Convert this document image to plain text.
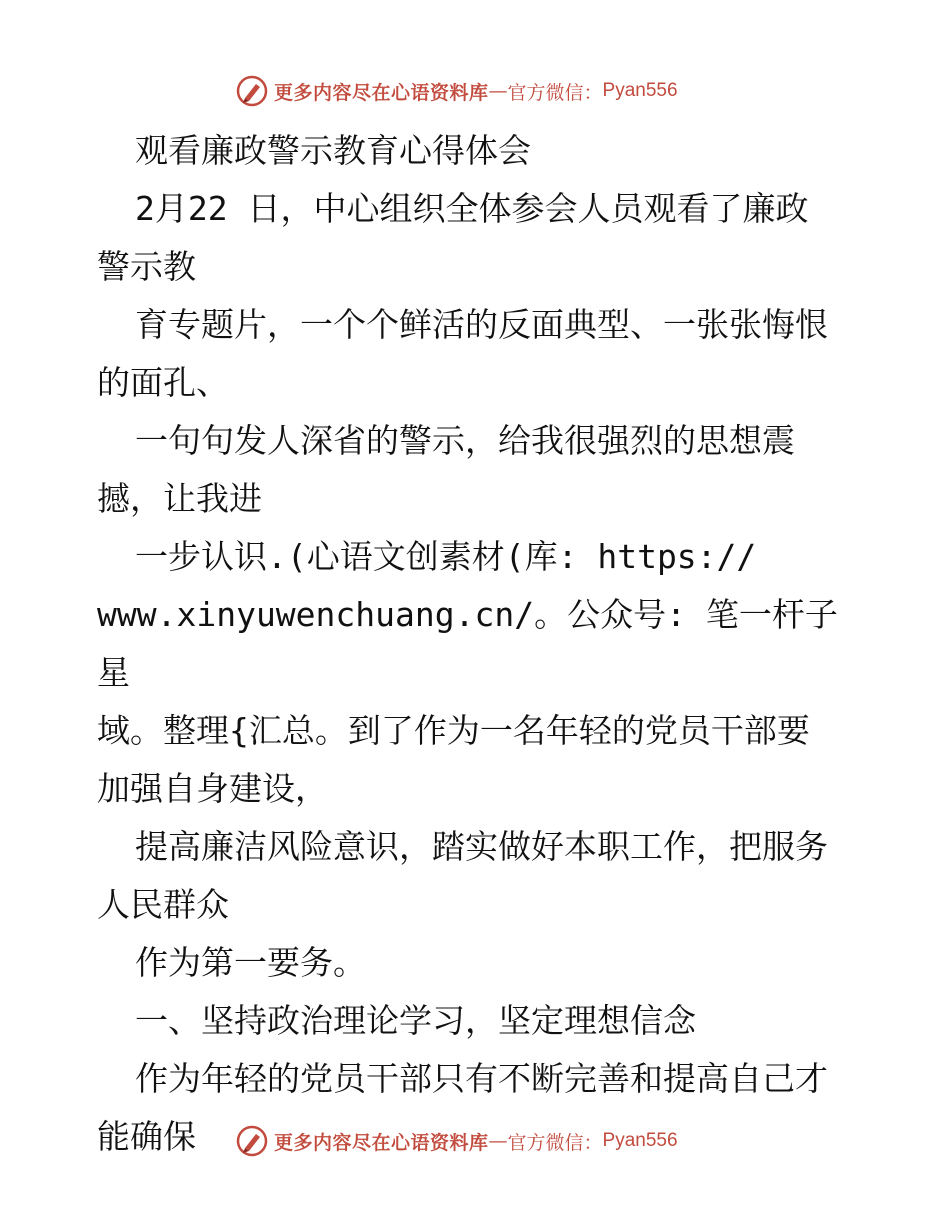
更多内容尽在心语资料库 — 官方微信： Pyan556

观看廉政警示教育心得体会

2月22 日，中心组织全体参会人员观看了廉政

警示教

育专题片，一个个鲜活的反面典型、一张张悔恨

的面孔、

一句句发人深省的警示，给我很强烈的思想震

撼，让我进

一步认识.(心语文创素材(库: https://

www.xinyuwenchuang.cn/。公众号: 笔一杆子星

域。整理{汇总。到了作为一名年轻的党员干部要

加强自身建设，

提高廉洁风险意识，踏实做好本职工作，把服务

人民群众

作为第一要务。

一、坚持政治理论学习，坚定理想信念

作为年轻的党员干部只有不断完善和提高自己才

能确保	更多内容尽在心语资料库 — 官方微信： Pyan556
